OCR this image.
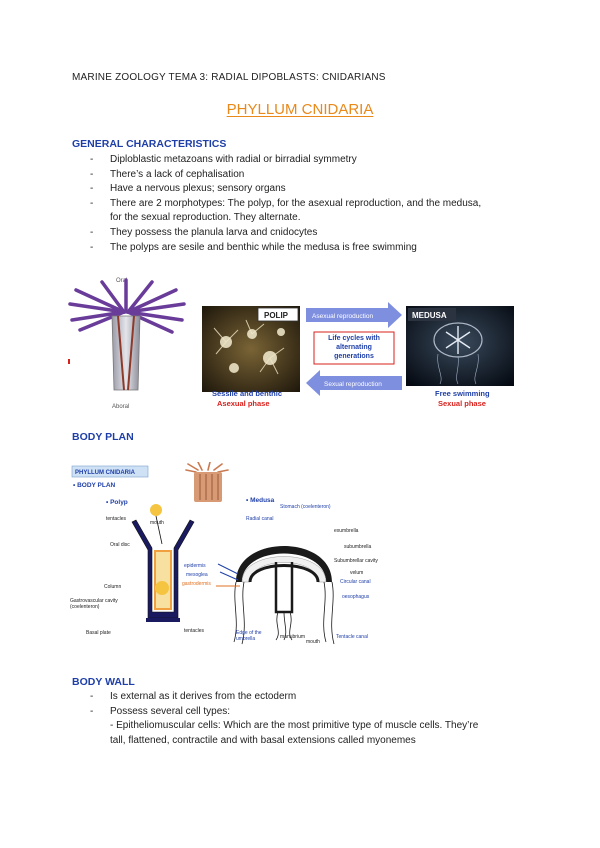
MARINE ZOOLOGY TEMA 3: RADIAL DIPOBLASTS: CNIDARIANS
PHYLLUM CNIDARIA
GENERAL CHARACTERISTICS
- Diploblastic metazoans with radial or birradial symmetry
- There’s a lack of cephalisation
- Have a nervous plexus; sensory organs
- There are 2 morphotypes: The polyp, for the asexual reproduction, and the medusa,
for the sexual reproduction. They alternate.
- They possess the planula larva and cnidocytes
- The polyps are sesile and benthic while the medusa is free swimming
Oral
Aboral
POLIP	Asexual reproduction
Life cycles with alternating generations
Sexual reproduction
MEDUSA
Sessile and benthic
Asexual phase
Free swimming
Sexual phase
BODY PLAN
PHYLLUM CNIDARIA
• BODY PLAN
• Polyp	• Medusa
tentacles
mouth
Oral disc
Column
Gastrovascular cavity (coelenteron)
Basal plate
epidermis
mesoglea
gastrodermis
tentacles
Radial canal
Stomach (coelenteron)
exumbrella
subumbrella
Subumbrellar cavity
velum
Circular canal
oesophagus
Tentacle canal
Edge of the umbrella	manubrium
mouth
BODY WALL
- Is external as it derives from the ectoderm
- Possess several cell types:
- Epitheliomuscular cells: Which are the most primitive type of muscle cells. They’re
tall, flattened, contractile and with basal extensions called myonemes
